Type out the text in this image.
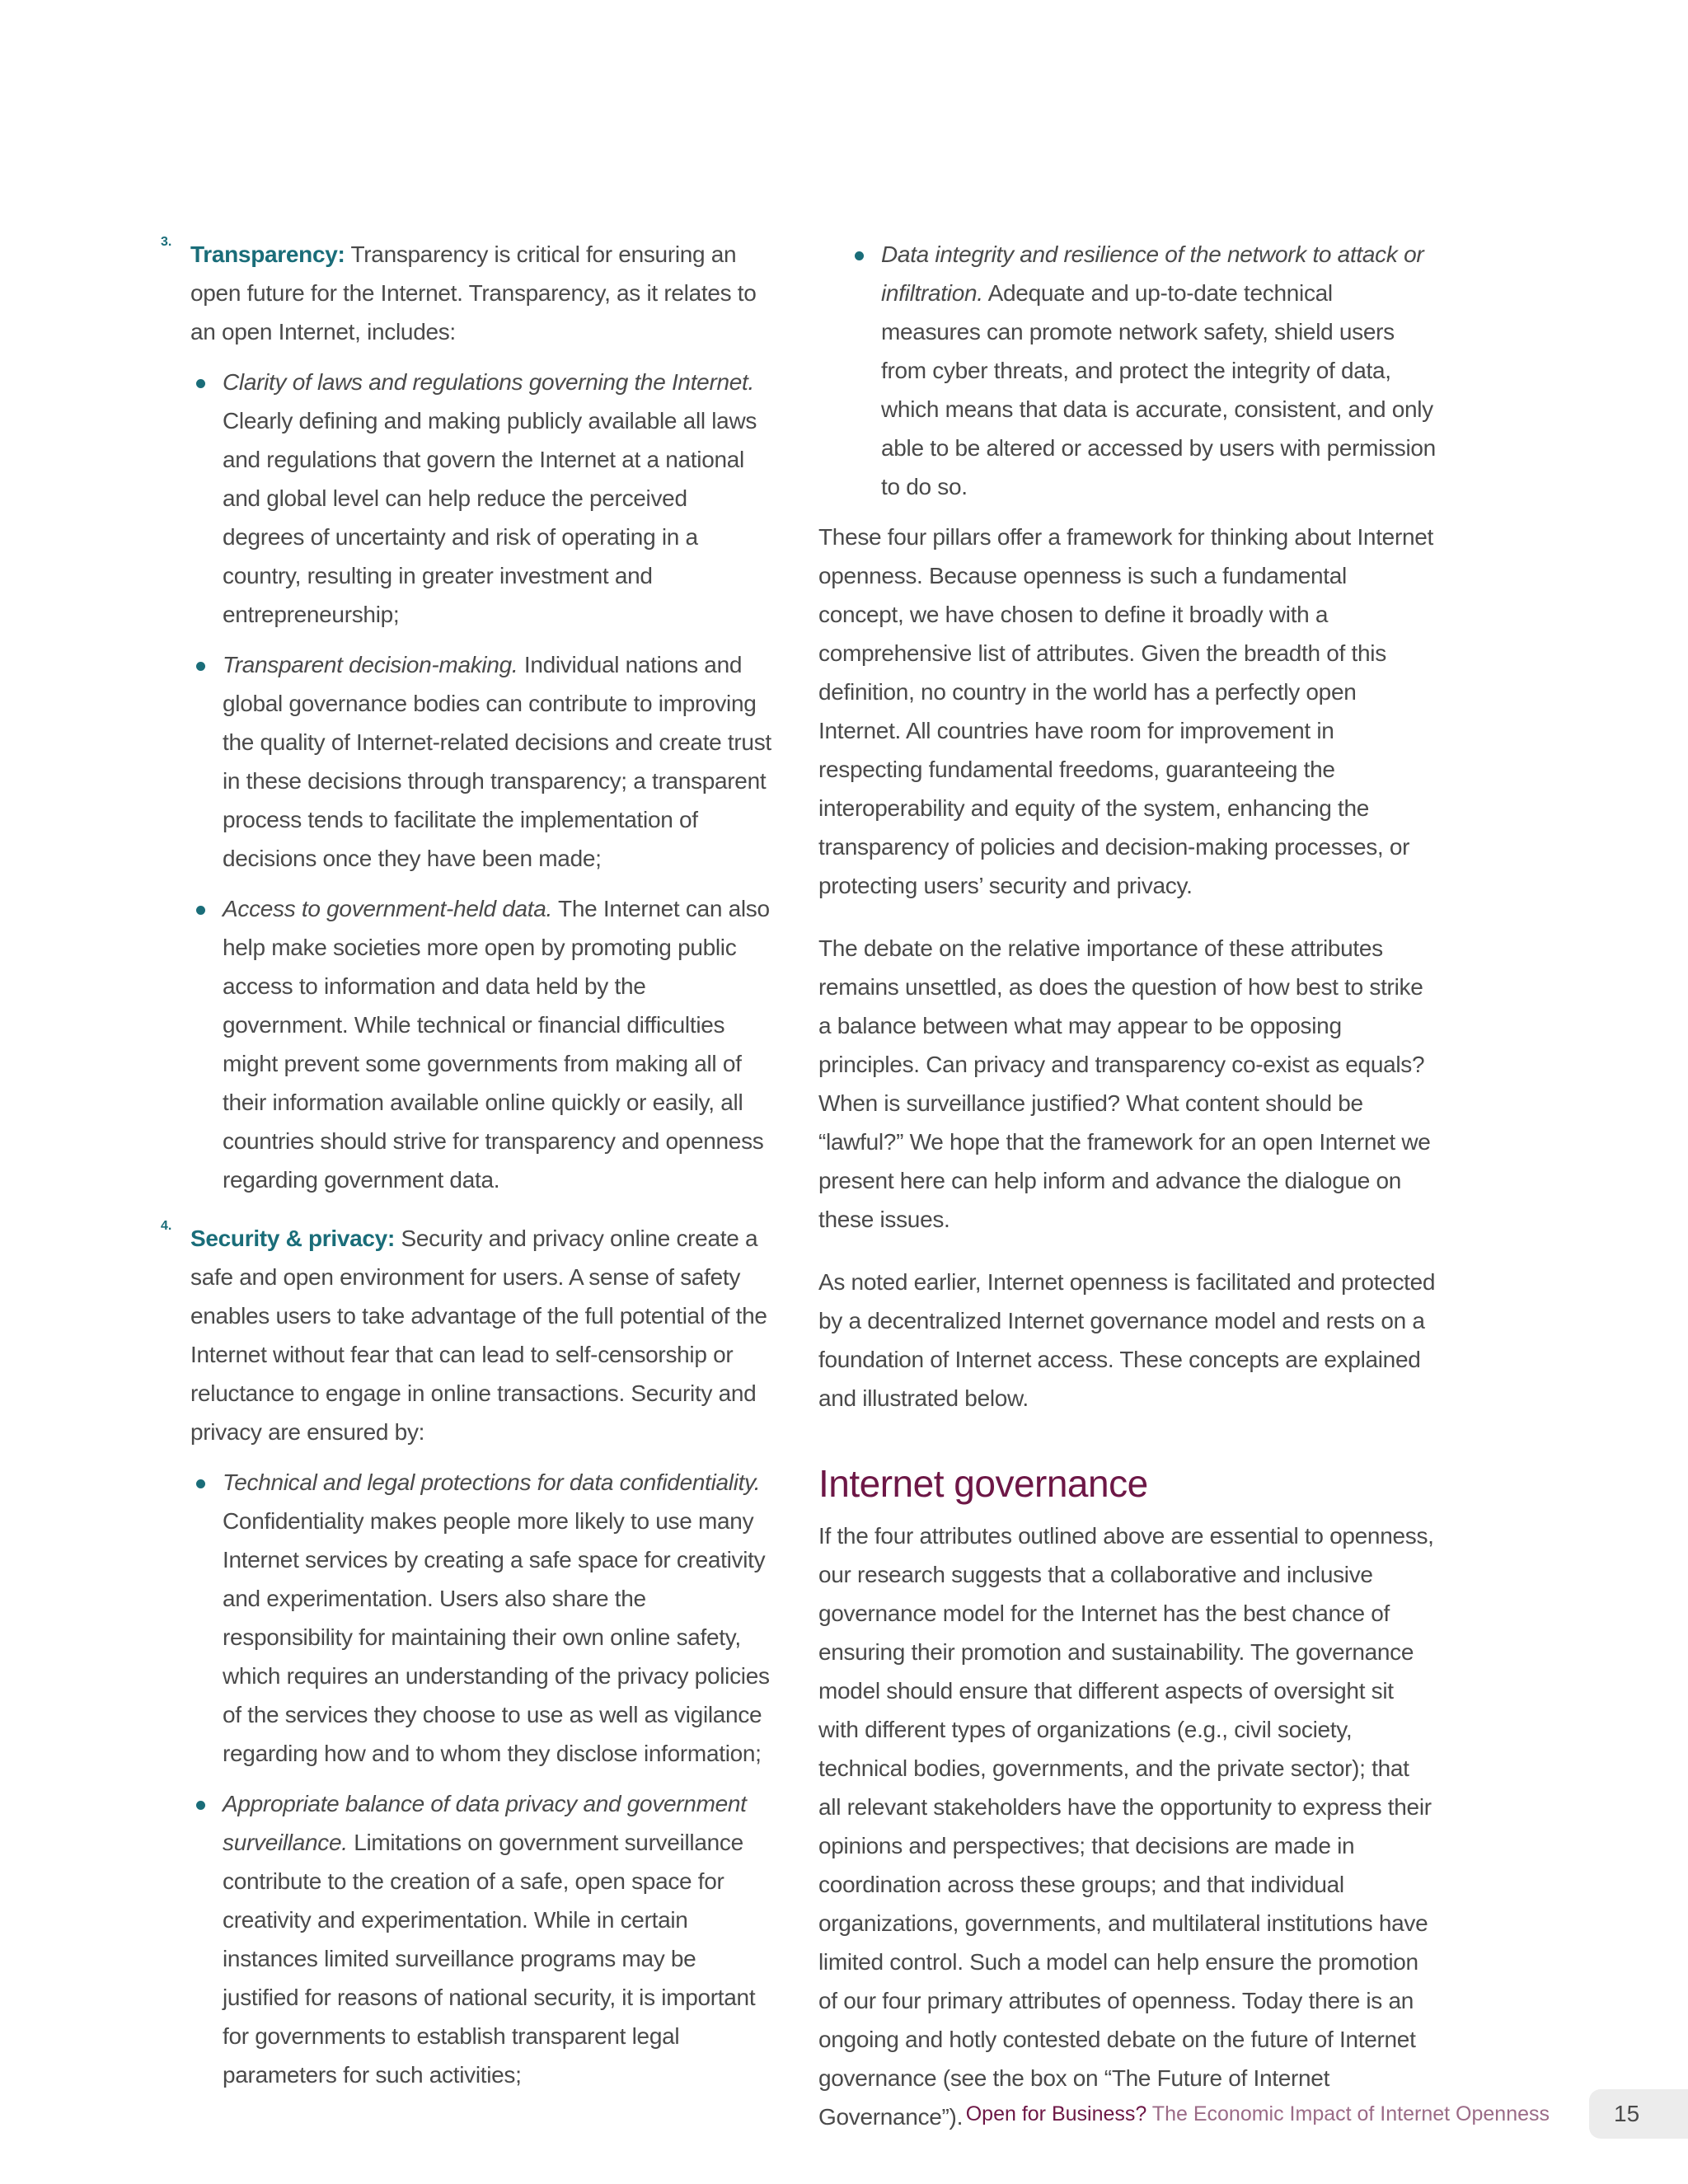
3. Transparency: Transparency is critical for ensuring an open future for the Internet. Transparency, as it relates to an open Internet, includes:

Clarity of laws and regulations governing the Internet. Clearly defining and making publicly available all laws and regulations that govern the Internet at a national and global level can help reduce the perceived degrees of uncertainty and risk of operating in a country, resulting in greater investment and entrepreneurship;
Transparent decision-making. Individual nations and global governance bodies can contribute to improving the quality of Internet-related decisions and create trust in these decisions through transparency; a transparent process tends to facilitate the implementation of decisions once they have been made;
Access to government-held data. The Internet can also help make societies more open by promoting public access to information and data held by the government. While technical or financial difficulties might prevent some governments from making all of their information available online quickly or easily, all countries should strive for transparency and openness regarding government data.
4. Security & privacy: Security and privacy online create a safe and open environment for users. A sense of safety enables users to take advantage of the full potential of the Internet without fear that can lead to self-censorship or reluctance to engage in online transactions. Security and privacy are ensured by:

Technical and legal protections for data confidentiality. Confidentiality makes people more likely to use many Internet services by creating a safe space for creativity and experimentation. Users also share the responsibility for maintaining their own online safety, which requires an understanding of the privacy policies of the services they choose to use as well as vigilance regarding how and to whom they disclose information;
Appropriate balance of data privacy and government surveillance. Limitations on government surveillance contribute to the creation of a safe, open space for creativity and experimentation. While in certain instances limited surveillance programs may be justified for reasons of national security, it is important for governments to establish transparent legal parameters for such activities;
Data integrity and resilience of the network to attack or infiltration. Adequate and up-to-date technical measures can promote network safety, shield users from cyber threats, and protect the integrity of data, which means that data is accurate, consistent, and only able to be altered or accessed by users with permission to do so.

These four pillars offer a framework for thinking about Internet openness. Because openness is such a fundamental concept, we have chosen to define it broadly with a comprehensive list of attributes. Given the breadth of this definition, no country in the world has a perfectly open Internet. All countries have room for improvement in respecting fundamental freedoms, guaranteeing the interoperability and equity of the system, enhancing the transparency of policies and decision-making processes, or protecting users’ security and privacy.

The debate on the relative importance of these attributes remains unsettled, as does the question of how best to strike a balance between what may appear to be opposing principles. Can privacy and transparency co-exist as equals? When is surveillance justified? What content should be “lawful?” We hope that the framework for an open Internet we present here can help inform and advance the dialogue on these issues.

As noted earlier, Internet openness is facilitated and protected by a decentralized Internet governance model and rests on a foundation of Internet access. These concepts are explained and illustrated below.

Internet governance

If the four attributes outlined above are essential to openness, our research suggests that a collaborative and inclusive governance model for the Internet has the best chance of ensuring their promotion and sustainability. The governance model should ensure that different aspects of oversight sit with different types of organizations (e.g., civil society, technical bodies, governments, and the private sector); that all relevant stakeholders have the opportunity to express their opinions and perspectives; that decisions are made in coordination across these groups; and that individual organizations, governments, and multilateral institutions have limited control. Such a model can help ensure the promotion of our four primary attributes of openness. Today there is an ongoing and hotly contested debate on the future of Internet governance (see the box on “The Future of Internet Governance”). Open for Business? The Economic Impact of Internet Openness	15
